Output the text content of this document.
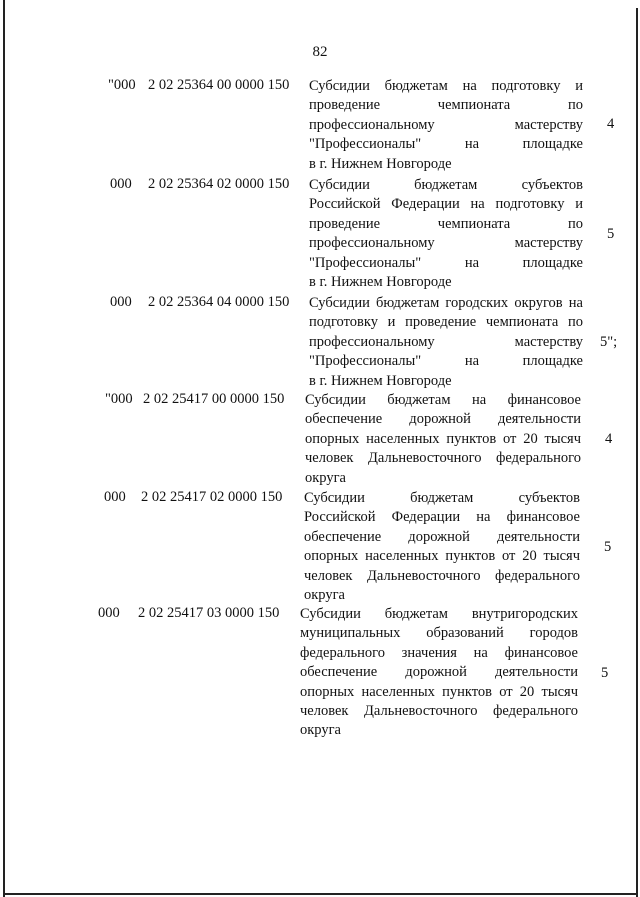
82
"000 2 02 25364 00 0000 150 Субсидии бюджетам на подготовку и
проведение чемпионата по
профессиональному мастерству
"Профессионалы" на площадке
в г. Нижнем Новгороде
4
000 2 02 25364 02 0000 150 Субсидии бюджетам субъектов
Российской Федерации на подготовку и
проведение чемпионата по
профессиональному мастерству
"Профессионалы" на площадке
в г. Нижнем Новгороде
5
000 2 02 25364 04 0000 150 Субсидии бюджетам городских округов на
подготовку и проведение чемпионата по
профессиональному мастерству
"Профессионалы" на площадке
в г. Нижнем Новгороде
5";
"000 2 02 25417 00 0000 150 Субсидии бюджетам на финансовое
обеспечение дорожной деятельности
опорных населенных пунктов от 20 тысяч
человек Дальневосточного федерального
округа
4
000 2 02 25417 02 0000 150 Субсидии бюджетам субъектов
Российской Федерации на финансовое
обеспечение дорожной деятельности
опорных населенных пунктов от 20 тысяч
человек Дальневосточного федерального
округа
5
000 2 02 25417 03 0000 150 Субсидии бюджетам внутригородских
муниципальных образований городов
федерального значения на финансовое
обеспечение дорожной деятельности
опорных населенных пунктов от 20 тысяч
человек Дальневосточного федерального
округа
5
